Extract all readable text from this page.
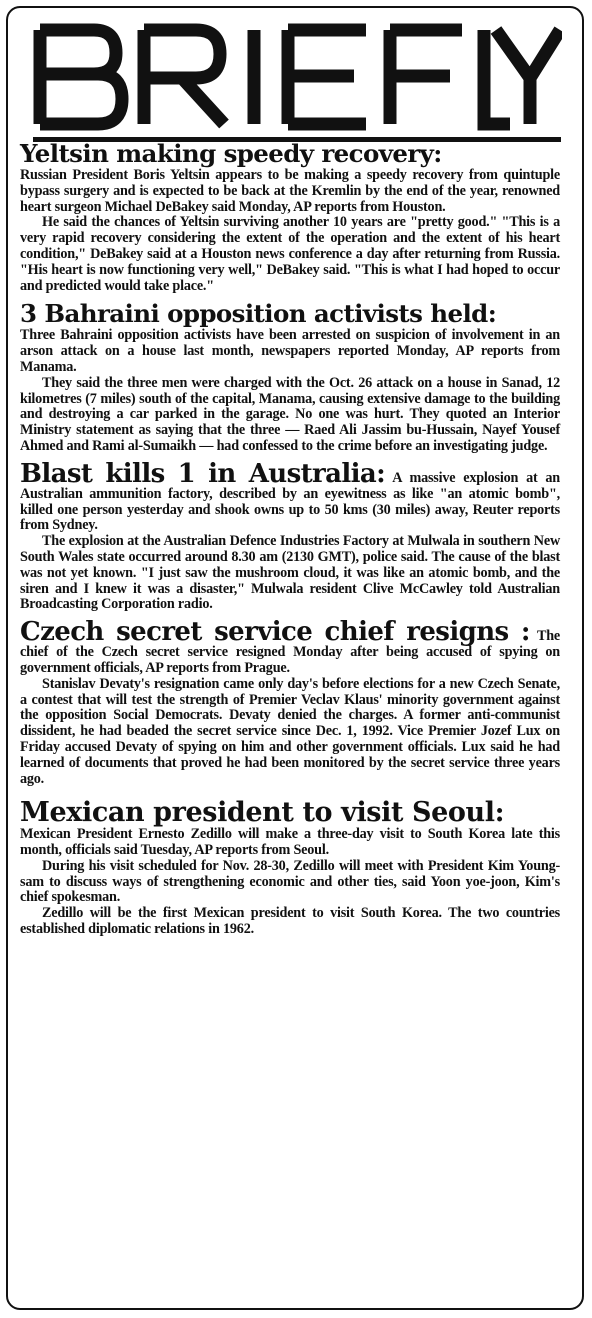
Yeltsin making speedy recovery:

Russian President Boris Yeltsin appears to be making a speedy recovery from quintuple bypass surgery and is expected to be back at the Kremlin by the end of the year, renowned heart surgeon Michael DeBakey said Monday, AP reports from Houston.

He said the chances of Yeltsin surviving another 10 years are "pretty good." "This is a very rapid recovery considering the extent of the operation and the extent of his heart condition," DeBakey said at a Houston news conference a day after returning from Russia. "His heart is now functioning very well," DeBakey said. "This is what I had hoped to occur and predicted would take place."

3 Bahraini opposition activists held:

Three Bahraini opposition activists have been arrested on suspicion of involvement in an arson attack on a house last month, newspapers reported Monday, AP reports from Manama.

They said the three men were charged with the Oct. 26 attack on a house in Sanad, 12 kilometres (7 miles) south of the capital, Manama, causing extensive damage to the building and destroying a car parked in the garage. No one was hurt. They quoted an Interior Ministry statement as saying that the three — Raed Ali Jassim bu-Hussain, Nayef Yousef Ahmed and Rami al-Sumaikh — had confessed to the crime before an investigating judge.

Blast kills 1 in Australia: A massive explosion at an Australian ammunition factory, described by an eyewitness as like "an atomic bomb", killed one person yesterday and shook owns up to 50 kms (30 miles) away, Reuter reports from Sydney.

The explosion at the Australian Defence Industries Factory at Mulwala in southern New South Wales state occurred around 8.30 am (2130 GMT), police said. The cause of the blast was not yet known. "I just saw the mushroom cloud, it was like an atomic bomb, and the siren and I knew it was a disaster," Mulwala resident Clive McCawley told Australian Broadcasting Corporation radio.

Czech secret service chief resigns : The chief of the Czech secret service resigned Monday after being accused of spying on government officials, AP reports from Prague.

Stanislav Devaty's resignation came only day's before elections for a new Czech Senate, a contest that will test the strength of Premier Veclav Klaus' minority government against the opposition Social Democrats. Devaty denied the charges. A former anti-communist dissident, he had beaded the secret service since Dec. 1, 1992. Vice Premier Jozef Lux on Friday accused Devaty of spying on him and other government officials. Lux said he had learned of documents that proved he had been monitored by the secret service three years ago.

Mexican president to visit Seoul:

Mexican President Ernesto Zedillo will make a three-day visit to South Korea late this month, officials said Tuesday, AP reports from Seoul.

During his visit scheduled for Nov. 28-30, Zedillo will meet with President Kim Young-sam to discuss ways of strengthening economic and other ties, said Yoon yoe-joon, Kim's chief spokesman.

Zedillo will be the first Mexican president to visit South Korea. The two countries established diplomatic relations in 1962.
